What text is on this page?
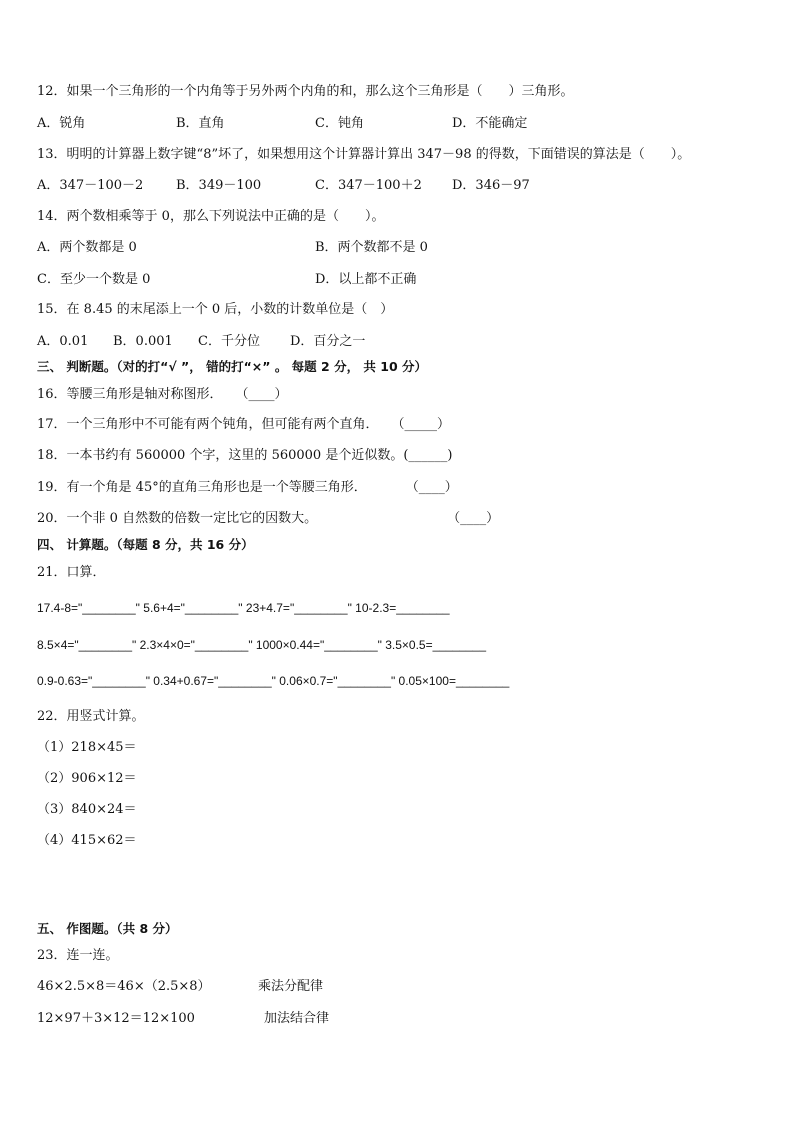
12．如果一个三角形的一个内角等于另外两个内角的和，那么这个三角形是（　　）三角形。
A．锐角	B．直角	C．钝角	D．不能确定
13．明明的计算器上数字键“8”坏了，如果想用这个计算器计算出 347－98 的得数，下面错误的算法是（　　）。
A．347－100－2	B．349－100	C．347－100＋2 D．346－97
14．两个数相乘等于 0，那么下列说法中正确的是（　　）。
A．两个数都是 0	B．两个数都不是 0
C．至少一个数是 0	D．以上都不正确
15．在 8.45 的末尾添上一个 0 后，小数的计数单位是（　）
A．0.01 B．0.001 C．千分位 D．百分之一
三、 判断题。（对的打“√ ”， 错的打“×” 。 每题 2 分， 共 10 分）
16．等腰三角形是轴对称图形．　　（____）
17．一个三角形中不可能有两个钝角，但可能有两个直角．　　（_____）
18．一本书约有 560000 个字，这里的 560000 是个近似数。(______)
19．有一个角是 45°的直角三角形也是一个等腰三角形．　　　　（____）
20．一个非 0 自然数的倍数一定比它的因数大。　　　　　　　　　　　（____）
四、 计算题。（每题 8 分，共 16 分）
21．口算．
17.4-8="________" 5.6+4="________" 23+4.7="________" 10-2.3=________
8.5×4="________" 2.3×4×0="________" 1000×0.44="________" 3.5×0.5=________
0.9-0.63="________" 0.34+0.67="________" 0.06×0.7="________" 0.05×100=________
22．用竖式计算。
（1）218×45＝
（2）906×12＝
（3）840×24＝
（4）415×62＝
五、 作图题。（共 8 分）
23．连一连。
46×2.5×8＝46×（2.5×8）	乘法分配律
12×97＋3×12＝12×100	加法结合律
